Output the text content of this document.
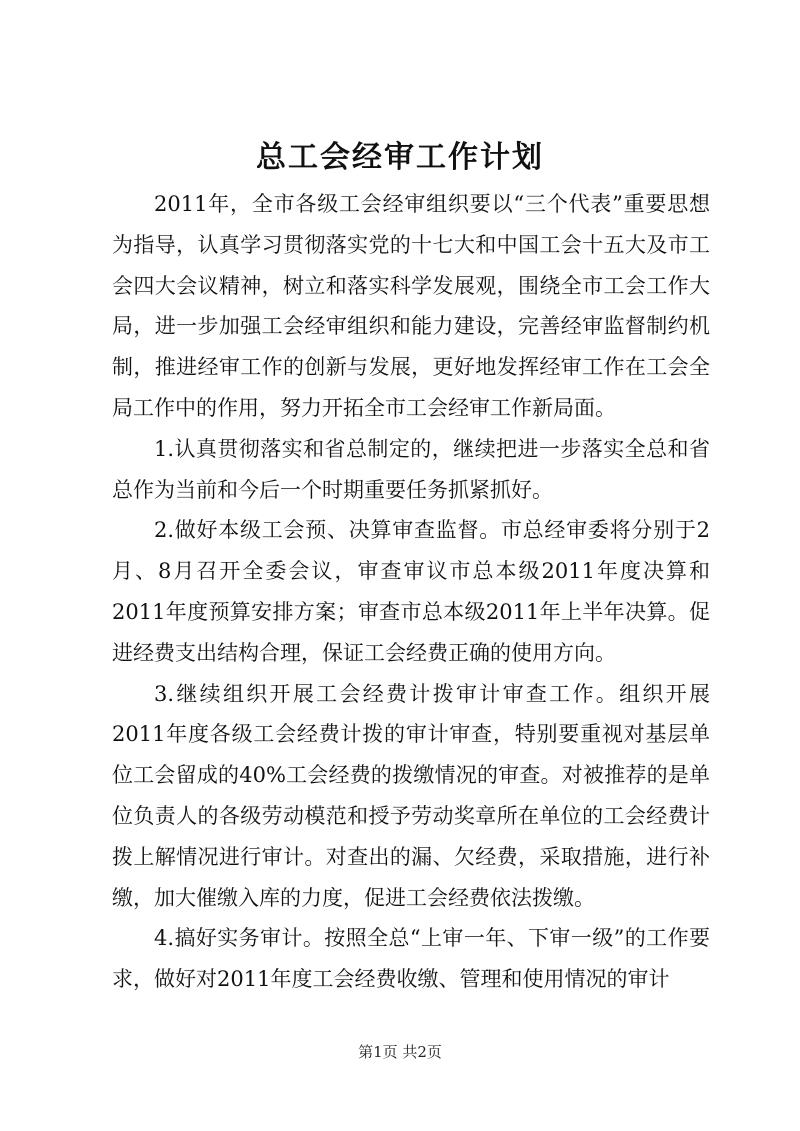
总工会经审工作计划

2011年，全市各级工会经审组织要以“三个代表”重要思想为指导，认真学习贯彻落实党的十七大和中国工会十五大及市工会四大会议精神，树立和落实科学发展观，围绕全市工会工作大局，进一步加强工会经审组织和能力建设，完善经审监督制约机制，推进经审工作的创新与发展，更好地发挥经审工作在工会全局工作中的作用，努力开拓全市工会经审工作新局面。

1.认真贯彻落实和省总制定的，继续把进一步落实全总和省总作为当前和今后一个时期重要任务抓紧抓好。

2.做好本级工会预、决算审查监督。市总经审委将分别于2月、8月召开全委会议，审查审议市总本级2011年度决算和2011年度预算安排方案；审查市总本级2011年上半年决算。促进经费支出结构合理，保证工会经费正确的使用方向。

3.继续组织开展工会经费计拨审计审查工作。组织开展2011年度各级工会经费计拨的审计审查，特别要重视对基层单位工会留成的40%工会经费的拨缴情况的审查。对被推荐的是单位负责人的各级劳动模范和授予劳动奖章所在单位的工会经费计拨上解情况进行审计。对查出的漏、欠经费，采取措施，进行补缴，加大催缴入库的力度，促进工会经费依法拨缴。

4.搞好实务审计。按照全总“上审一年、下审一级”的工作要求，做好对2011年度工会经费收缴、管理和使用情况的审计

第1页 共2页
